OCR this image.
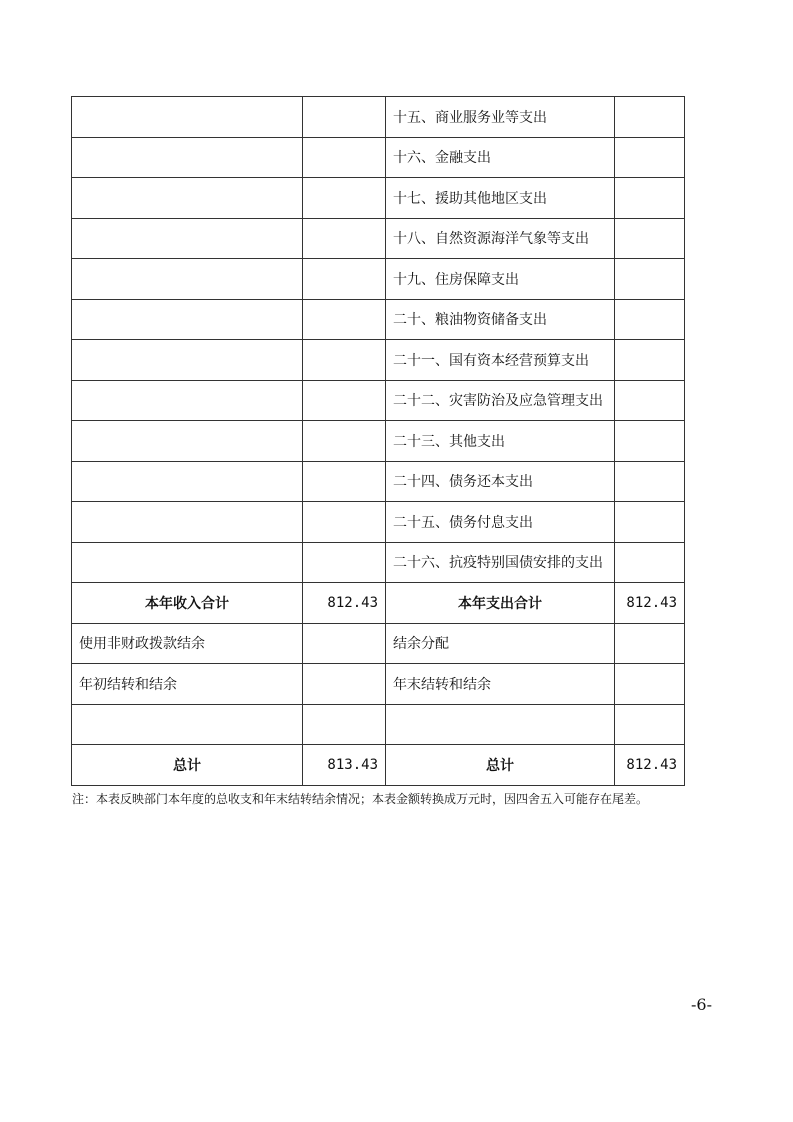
		十五、商业服务业等支出	
		十六、金融支出	
		十七、援助其他地区支出	
		十八、自然资源海洋气象等支出	
		十九、住房保障支出	
		二十、粮油物资储备支出	
		二十一、国有资本经营预算支出	
		二十二、灾害防治及应急管理支出	
		二十三、其他支出	
		二十四、债务还本支出	
		二十五、债务付息支出	
		二十六、抗疫特别国债安排的支出	
本年收入合计	812.43	本年支出合计	812.43
使用非财政拨款结余		结余分配	
年初结转和结余		年末结转和结余	

总计	813.43	总计	812.43
注：本表反映部门本年度的总收支和年末结转结余情况；本表金额转换成万元时，因四舍五入可能存在尾差。
-6-
